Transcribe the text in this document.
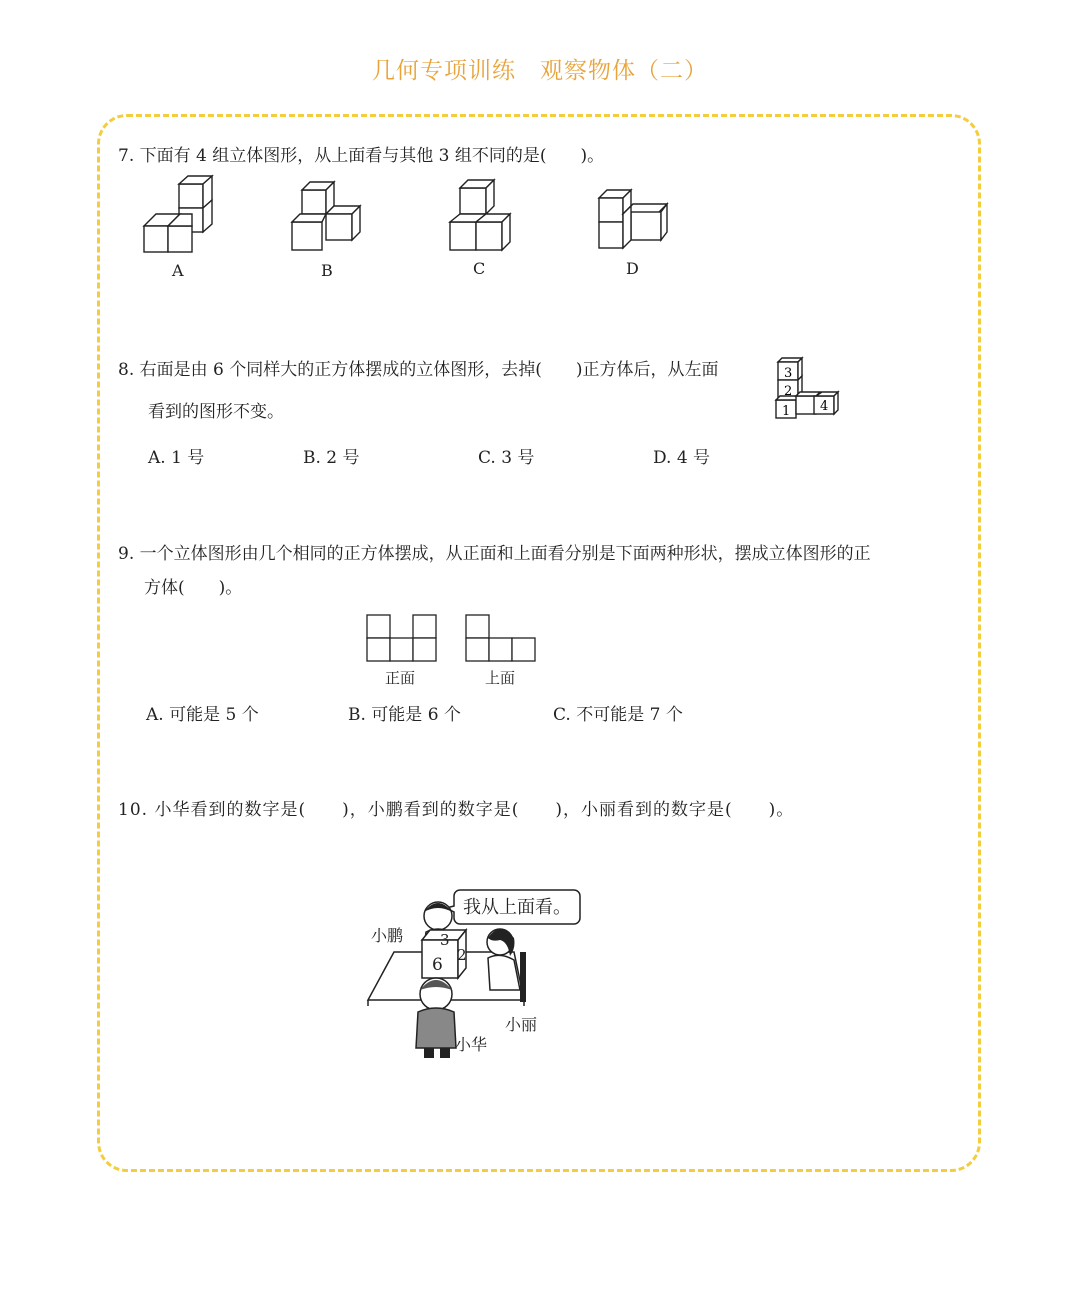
几何专项训练 观察物体（二）
7. 下面有 4 组立体图形，从上面看与其他 3 组不同的是(　　)。
A	B	C	D
8. 右面是由 6 个同样大的正方体摆成的立体图形，去掉(　　)正方体后，从左面
看到的图形不变。
A. 1 号	B. 2 号	C. 3 号	D. 4 号
3
2
1 4
9. 一个立体图形由几个相同的正方体摆成，从正面和上面看分别是下面两种形状，摆成立体图形的正
方体(　　)。
正面	上面
A. 可能是 5 个	B. 可能是 6 个	C. 不可能是 7 个
10. 小华看到的数字是(　　)，小鹏看到的数字是(　　)，小丽看到的数字是(　　)。
我从上面看。
小鹏
小丽
小华
3
6 2
